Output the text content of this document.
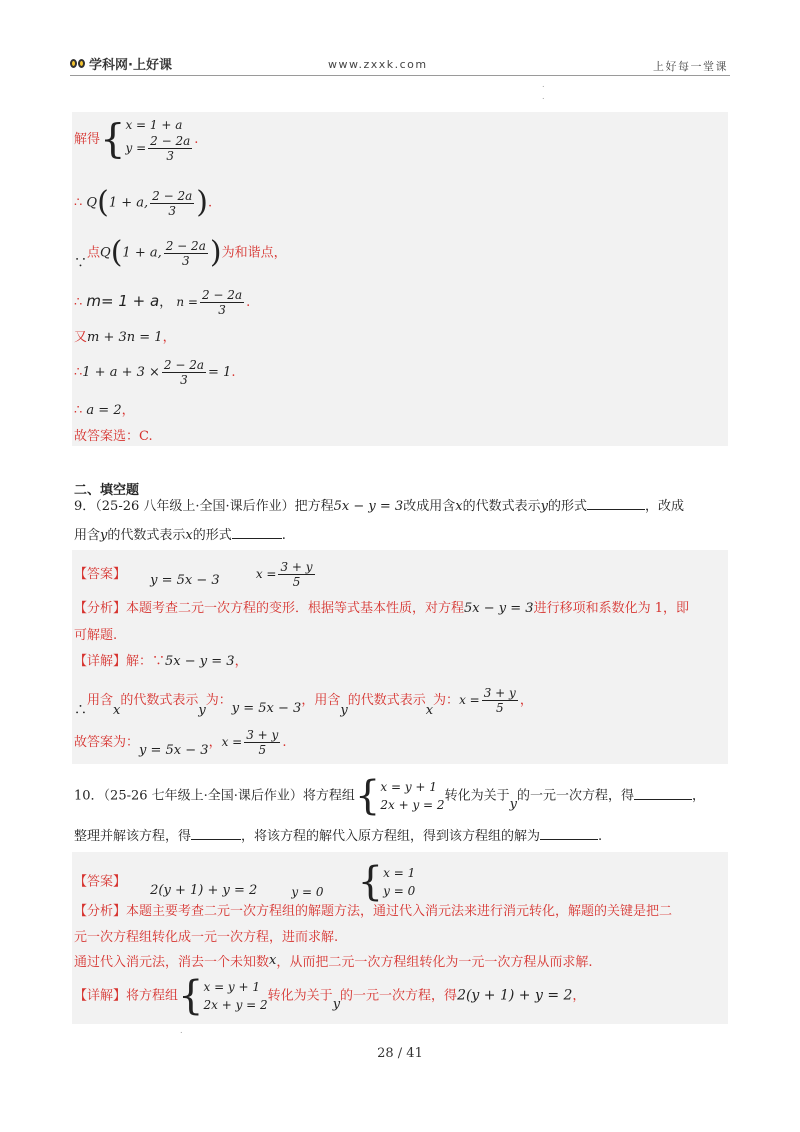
学科网·上好课	www.zxxk.com	上好每一堂课
.
.
解得{ x = 1 + a
$y = \frac{2 - 2a}{3}$ .
∴ Q(1 + a, $\frac{2 - 2a}{3}$ ).
∵点Q(1 + a, $\frac{2 - 2a}{3}$ )为和谐点，
∴ m= 1 + a， $n = \frac{2 - 2a}{3}$ .
又m + 3n = 1，
∴1 + $a + 3 \times \frac{2 - 2a}{3} = 1$.
∴ a = 2，
故答案选：C.
二、填空题
9．（25-26 八年级上·全国·课后作业）把方程5x − y = 3改成用含x的代数式表示y的形式	，改成
用含y的代数式表示x的形式	.
【答案】 y = 5x − 3	$x = \frac{3 + y}{5}$
【分析】本题考查二元一次方程的变形．根据等式基本性质，对方程5x − y = 3进行移项和系数化为 1，即
可解题.
【详解】解：∵5x − y = 3，
∴用含x的代数式表示y为：y = 5x − 3，用含y的代数式表示x为：$x = \frac{3 + y}{5}$ ，
故答案为：y = 5x − 3，$x = \frac{3 + y}{5}$ .
10．（25-26 七年级上·全国·课后作业）将方程组{ x = y + 1
2x + y = 2
转化为关于y的一元一次方程，得	，
整理并解该方程，得	，将该方程的解代入原方程组，得到该方程组的解为	.
【答案】 2(y + 1) + y = 2	y = 0 { x = 1
y = 0
【分析】本题主要考查二元一次方程组的解题方法，通过代入消元法来进行消元转化，解题的关键是把二
元一次方程组转化成一元一次方程，进而求解.
通过代入消元法，消去一个未知数x，从而把二元一次方程组转化为一元一次方程从而求解.
【详解】将方程组{ x = y + 1
2x + y = 2
转化为关于y的一元一次方程，得2(y + 1) + y = 2，
.
28 / 41
